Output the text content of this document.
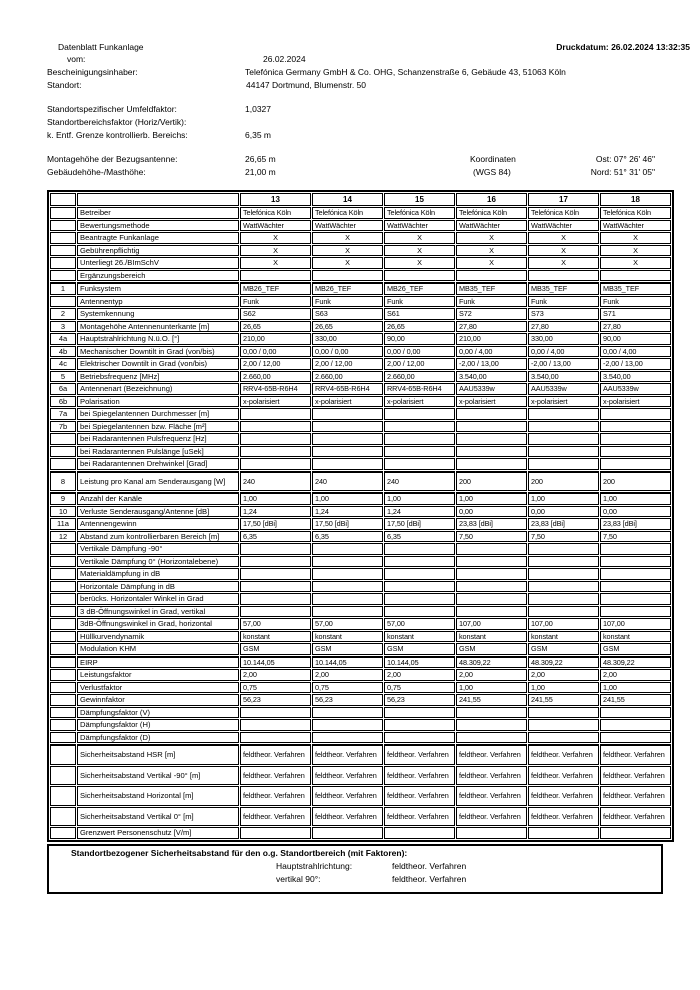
Datenblatt Funkanlage	Druckdatum: 26.02.2024 13:32:35
vom:	26.02.2024
Bescheinigungsinhaber:	Telefónica Germany GmbH & Co. OHG, Schanzenstraße 6, Gebäude 43, 51063 Köln
Standort:	44147 Dortmund, Blumenstr. 50
Standortspezifischer Umfeldfaktor:	1,0327
Standortbereichsfaktor (Horiz/Vertik):
k. Entf. Grenze kontrollierb. Bereichs:	6,35 m
Montagehöhe der Bezugsantenne:	26,65 m	Koordinaten	Ost: 07° 26' 46"
Gebäudehöhe-/Masthöhe:	21,00 m	(WGS 84)	Nord: 51° 31' 05"
		13	14	15	16	17	18
	Betreiber	Telefónica Köln	Telefónica Köln	Telefónica Köln	Telefónica Köln	Telefónica Köln	Telefónica Köln
	Bewertungsmethode	WattWächter	WattWächter	WattWächter	WattWächter	WattWächter	WattWächter
	Beantragte Funkanlage	X	X	X	X	X	X
	Gebührenpflichtig	X	X	X	X	X	X
	Unterliegt 26./BImSchV	X	X	X	X	X	X
	Ergänzungsbereich						
1	Funksystem	MB26_TEF	MB26_TEF	MB26_TEF	MB35_TEF	MB35_TEF	MB35_TEF
	Antennentyp	Funk	Funk	Funk	Funk	Funk	Funk
2	Systemkennung	S62	S63	S61	S72	S73	S71
3	Montagehöhe Antennenunterkante [m]	26,65	26,65	26,65	27,80	27,80	27,80
4a	Hauptstrahlrichtung N.ü.O. [°]	210,00	330,00	90,00	210,00	330,00	90,00
4b	Mechanischer Downtilt in Grad (von/bis)	0,00 / 0,00	0,00 / 0,00	0,00 / 0,00	0,00 / 4,00	0,00 / 4,00	0,00 / 4,00
4c	Elektrischer Downtilt in Grad (von/bis)	2,00 / 12,00	2,00 / 12,00	2,00 / 12,00	-2,00 / 13,00	-2,00 / 13,00	-2,00 / 13,00
5	Betriebsfrequenz [MHz]	2.660,00	2.660,00	2.660,00	3.540,00	3.540,00	3.540,00
6a	Antennenart (Bezeichnung)	RRV4-65B-R6H4	RRV4-65B-R6H4	RRV4-65B-R6H4	AAU5339w	AAU5339w	AAU5339w
6b	Polarisation	x-polarisiert	x-polarisiert	x-polarisiert	x-polarisiert	x-polarisiert	x-polarisiert
7a	bei Spiegelantennen Durchmesser [m]						
7b	bei Spiegelantennen bzw. Fläche [m²]						
	bei Radarantennen Pulsfrequenz [Hz]						
	bei Radarantennen Pulslänge [uSek]						
	bei Radarantennen Drehwinkel [Grad]						
8	Leistung pro Kanal am Senderausgang [W]	240	240	240	200	200	200
9	Anzahl der Kanäle	1,00	1,00	1,00	1,00	1,00	1,00
10	Verluste Senderausgang/Antenne [dB]	1,24	1,24	1,24	0,00	0,00	0,00
11a	Antennengewinn	17,50 [dBi]	17,50 [dBi]	17,50 [dBi]	23,83 [dBi]	23,83 [dBi]	23,83 [dBi]
12	Abstand zum kontrollierbaren Bereich [m]	6,35	6,35	6,35	7,50	7,50	7,50
	Vertikale Dämpfung -90°						
	Vertikale Dämpfung 0° (Horizontalebene)						
	Materialdämpfung in dB						
	Horizontale Dämpfung in dB						
	berücks. Horizontaler Winkel in Grad						
	3 dB-Öffnungswinkel in Grad, vertikal						
	3dB-Öffnungswinkel in Grad, horizontal	57,00	57,00	57,00	107,00	107,00	107,00
	Hüllkurvendynamik	konstant	konstant	konstant	konstant	konstant	konstant
	Modulation KHM	GSM	GSM	GSM	GSM	GSM	GSM
	EIRP	10.144,05	10.144,05	10.144,05	48.309,22	48.309,22	48.309,22
	Leistungsfaktor	2,00	2,00	2,00	2,00	2,00	2,00
	Verlustfaktor	0,75	0,75	0,75	1,00	1,00	1,00
	Gewinnfaktor	56,23	56,23	56,23	241,55	241,55	241,55
	Dämpfungsfaktor (V)						
	Dämpfungsfaktor (H)						
	Dämpfungsfaktor (D)						
	Sicherheitsabstand HSR [m]	feldtheor. Verfahren	feldtheor. Verfahren	feldtheor. Verfahren	feldtheor. Verfahren	feldtheor. Verfahren	feldtheor. Verfahren
	Sicherheitsabstand Vertikal -90° [m]	feldtheor. Verfahren	feldtheor. Verfahren	feldtheor. Verfahren	feldtheor. Verfahren	feldtheor. Verfahren	feldtheor. Verfahren
	Sicherheitsabstand Horizontal [m]	feldtheor. Verfahren	feldtheor. Verfahren	feldtheor. Verfahren	feldtheor. Verfahren	feldtheor. Verfahren	feldtheor. Verfahren
	Sicherheitsabstand Vertikal 0° [m]	feldtheor. Verfahren	feldtheor. Verfahren	feldtheor. Verfahren	feldtheor. Verfahren	feldtheor. Verfahren	feldtheor. Verfahren
	Grenzwert Personenschutz [V/m]						
Standortbezogener Sicherheitsabstand für den o.g. Standortbereich (mit Faktoren):
Hauptstrahlrichtung:	feldtheor. Verfahren
vertikal 90°:	feldtheor. Verfahren
